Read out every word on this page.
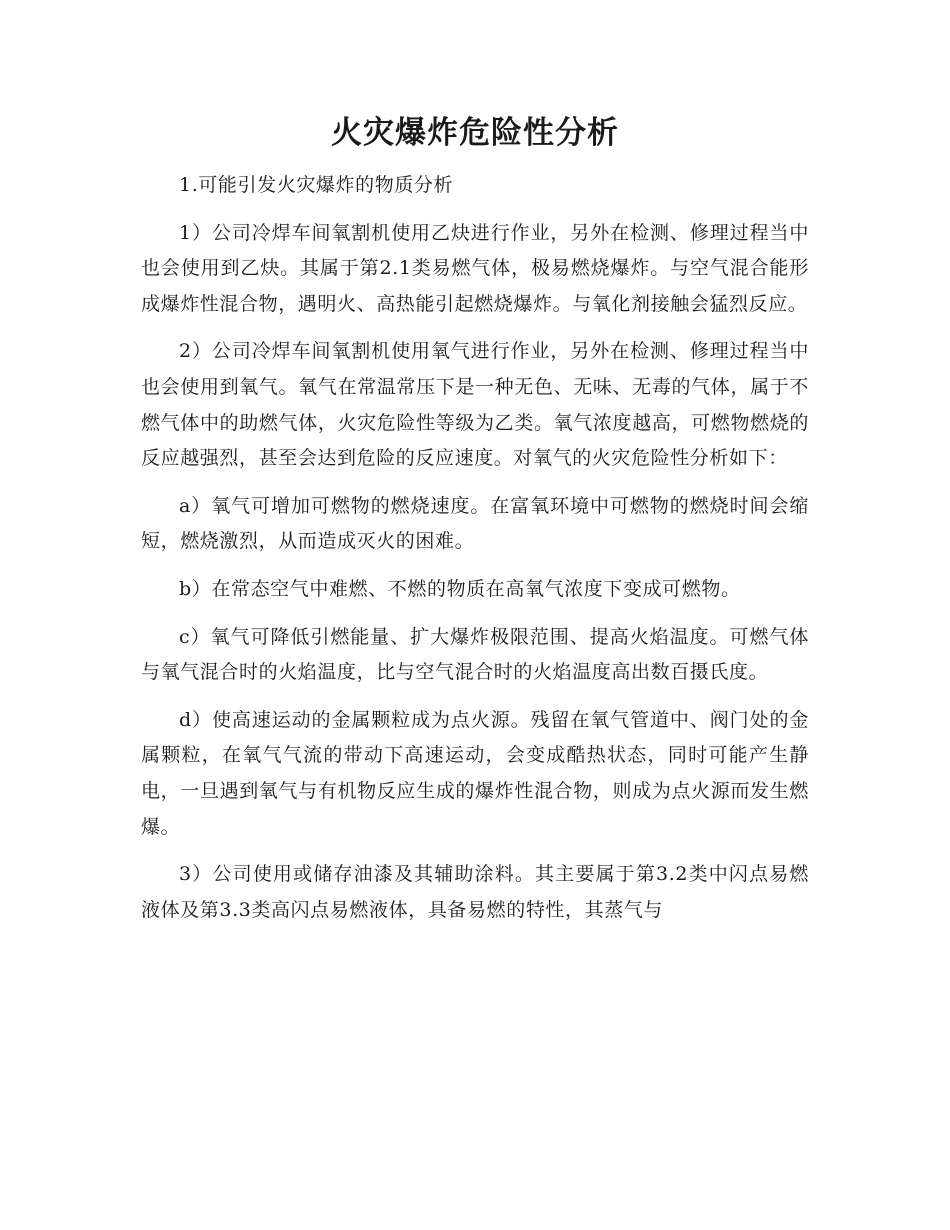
火灾爆炸危险性分析

1.可能引发火灾爆炸的物质分析

1）公司冷焊车间氧割机使用乙炔进行作业，另外在检测、修理过程当中也会使用到乙炔。其属于第2.1类易燃气体，极易燃烧爆炸。与空气混合能形成爆炸性混合物，遇明火、高热能引起燃烧爆炸。与氧化剂接触会猛烈反应。

2）公司冷焊车间氧割机使用氧气进行作业，另外在检测、修理过程当中也会使用到氧气。氧气在常温常压下是一种无色、无味、无毒的气体，属于不燃气体中的助燃气体，火灾危险性等级为乙类。氧气浓度越高，可燃物燃烧的反应越强烈，甚至会达到危险的反应速度。对氧气的火灾危险性分析如下：

a）氧气可增加可燃物的燃烧速度。在富氧环境中可燃物的燃烧时间会缩短，燃烧激烈，从而造成灭火的困难。

b）在常态空气中难燃、不燃的物质在高氧气浓度下变成可燃物。

c）氧气可降低引燃能量、扩大爆炸极限范围、提高火焰温度。可燃气体与氧气混合时的火焰温度，比与空气混合时的火焰温度高出数百摄氏度。

d）使高速运动的金属颗粒成为点火源。残留在氧气管道中、阀门处的金属颗粒，在氧气气流的带动下高速运动，会变成酷热状态，同时可能产生静电，一旦遇到氧气与有机物反应生成的爆炸性混合物，则成为点火源而发生燃爆。

3）公司使用或储存油漆及其辅助涂料。其主要属于第3.2类中闪点易燃液体及第3.3类高闪点易燃液体，具备易燃的特性，其蒸气与
